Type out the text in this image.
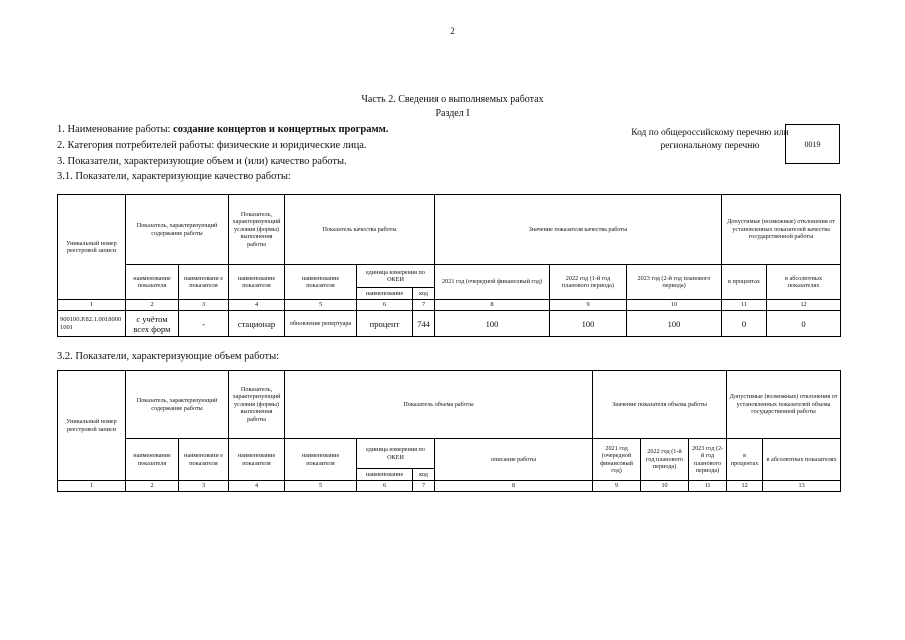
2
Часть 2. Сведения о выполняемых работах
Раздел I
1. Наименование работы: создание концертов и концертных программ.
2. Категория потребителей работы: физические и юридические лица.
3. Показатели, характеризующие объем и (или) качество работы.
3.1. Показатели, характеризующие качество работы:
Код по общероссийскому перечню или региональному перечню	0019
Уникальный номер реестровой записи	Показатель, характеризующий содержание работы		Показатель, характеризующий условия (формы) выполнения работы	Показатель качества работы			Значение показателя качества работы			Допустимые (возможные) отклонения от установленных показателей качества государственной работы	
	наименование показателя	наименовани е показателя	наименование показателя	наименование показателя	единица измерения по ОКЕИ		2021 год (очередной финансовый год)	2022 год (1-й год планового периода)	2023 год (2-й год планового периода)	в процентах	в абсолютных показателях
					наименование	код					
1	2	3	4	5	6	7	8	9	10	11	12
900100.Р.82.1.00180001001	с учётом всех форм	-	стационар	обновление репертуара	процент	744	100	100	100	0	0
3.2. Показатели, характеризующие объем работы:
Уникальный номер реестровой записи	Показатель, характеризующий содержание работы		Показатель, характеризующий условия (формы) выполнения работы	Показатель объема работы				Значение показателя объема работы			Допустимые (возможные) отклонения от установленных показателей объема государственной работы	
	наименование показателя	наименовани е показателя	наименование показателя	наименование показателя	единица измерения по ОКЕИ		описание работы	2021 год (очередной финансовый год)	2022 год (1-й год планового периода)	2023 год (2-й год планового периода)	в процентах	в абсолютных показателях
					наименование	код						
1	2	3	4	5	6	7	8	9	10	11	12	13
